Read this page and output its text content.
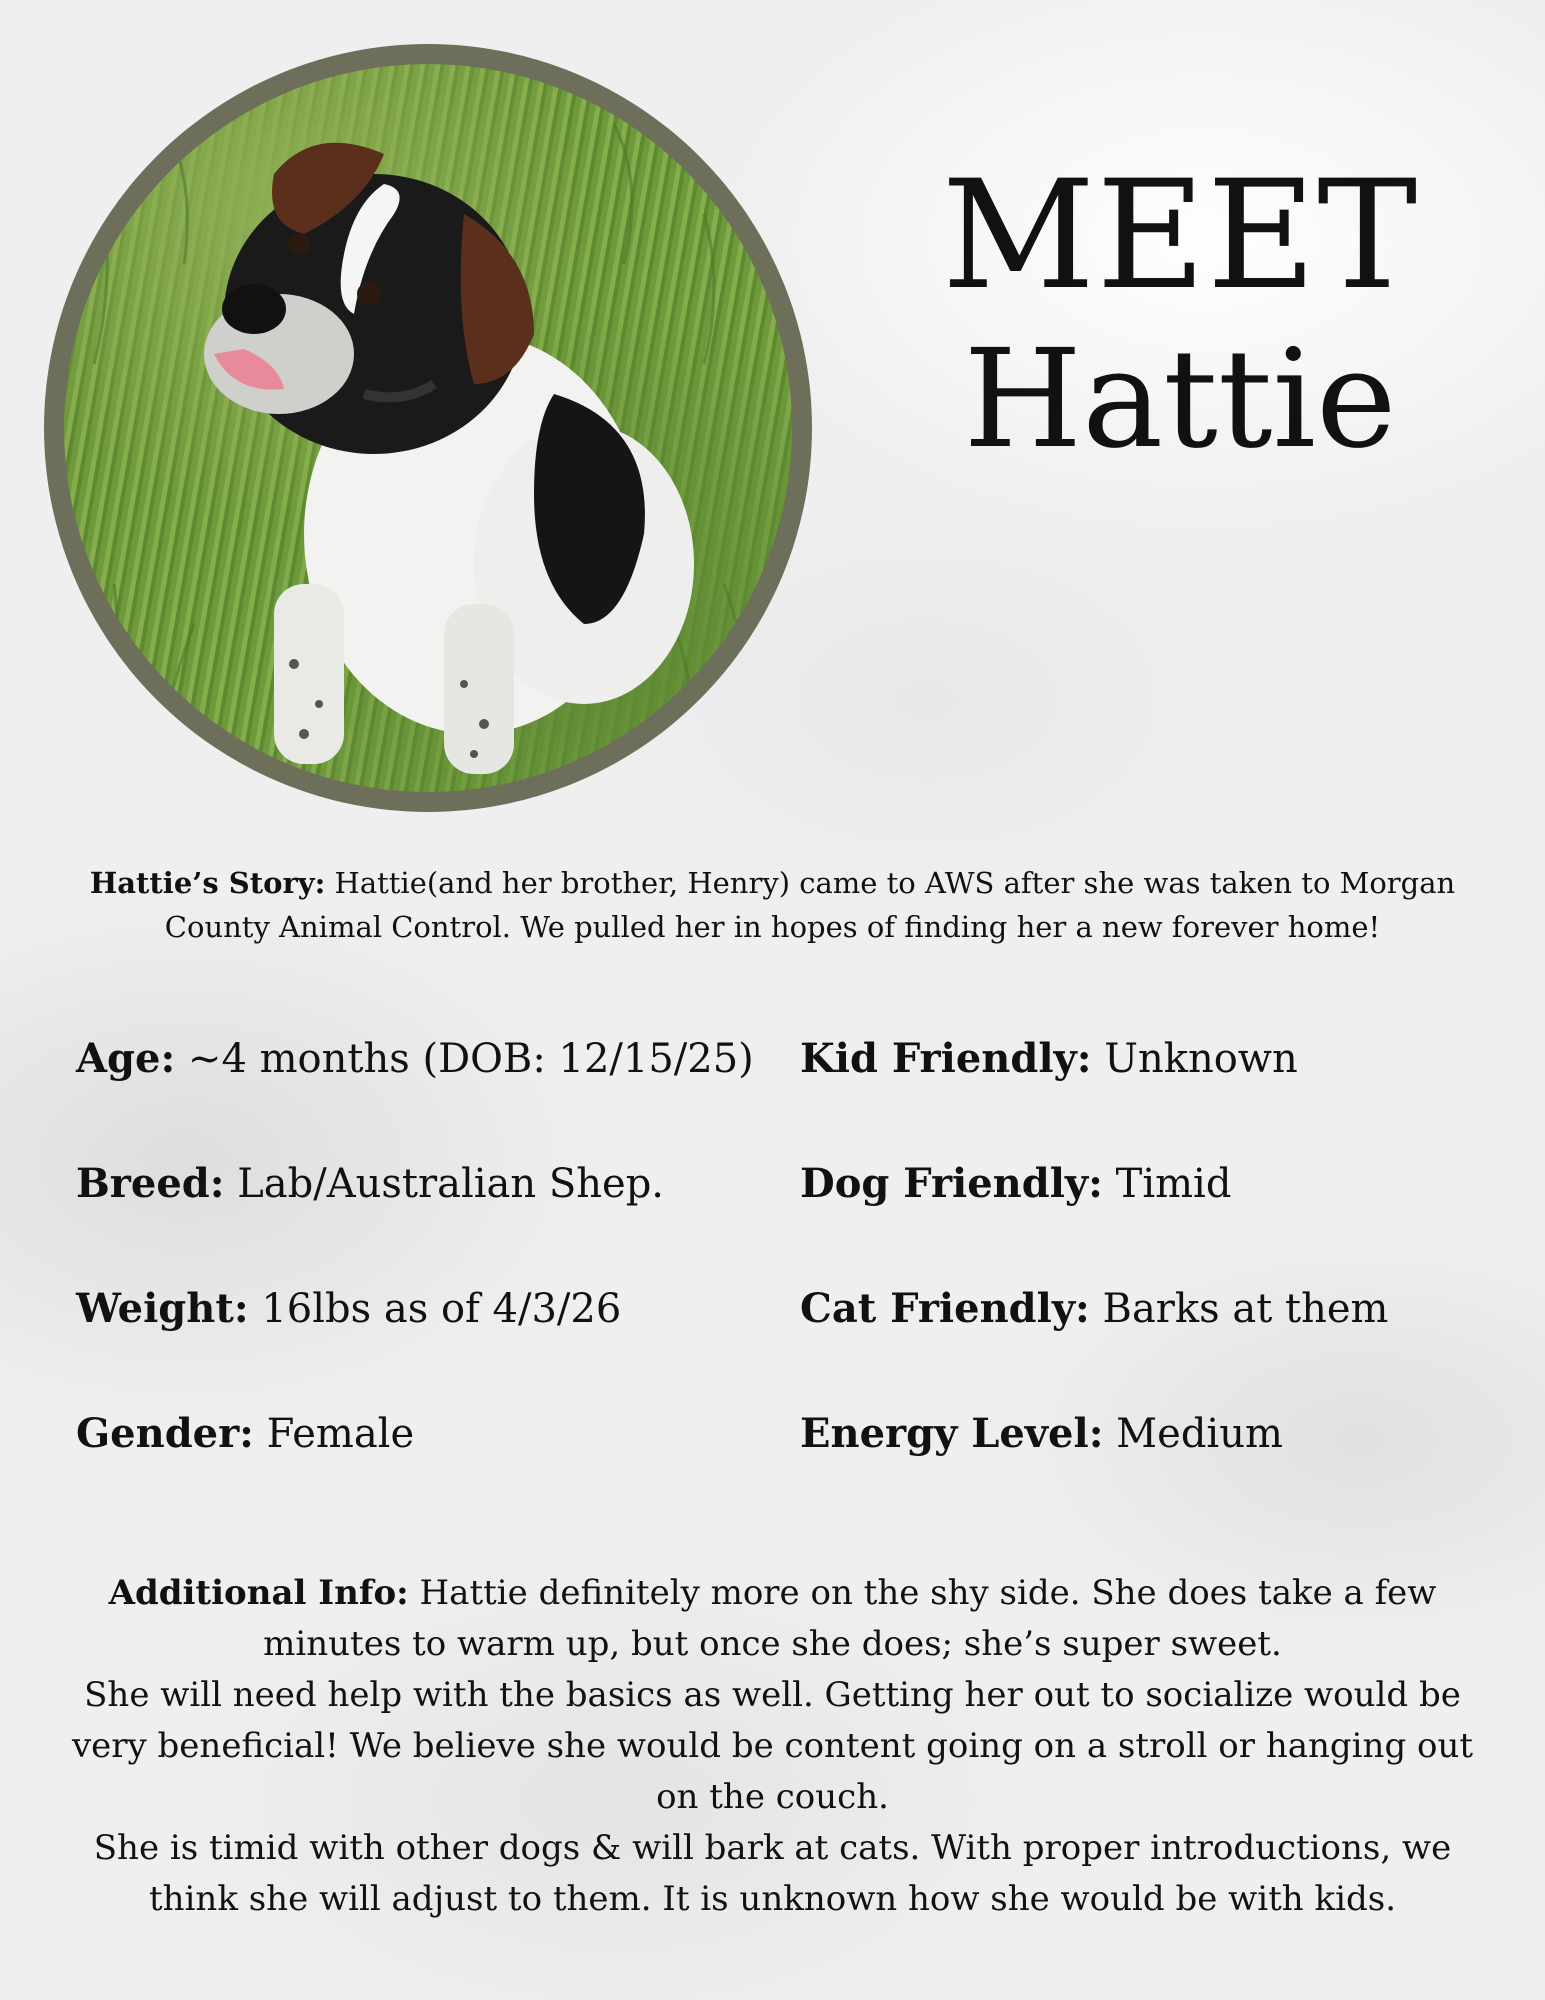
MEET
Hattie
Hattie’s Story: Hattie(and her brother, Henry) came to AWS after she was taken to Morgan County Animal Control. We pulled her in hopes of finding her a new forever home!
Age: ~4 months (DOB: 12/15/25)
Breed: Lab/Australian Shep.
Weight: 16lbs as of 4/3/26
Gender: Female
Kid Friendly: Unknown
Dog Friendly: Timid
Cat Friendly: Barks at them
Energy Level: Medium
Additional Info: Hattie definitely more on the shy side. She does take a few minutes to warm up, but once she does; she’s super sweet.
She will need help with the basics as well. Getting her out to socialize would be very beneficial! We believe she would be content going on a stroll or hanging out on the couch.
She is timid with other dogs & will bark at cats. With proper introductions, we think she will adjust to them. It is unknown how she would be with kids.
